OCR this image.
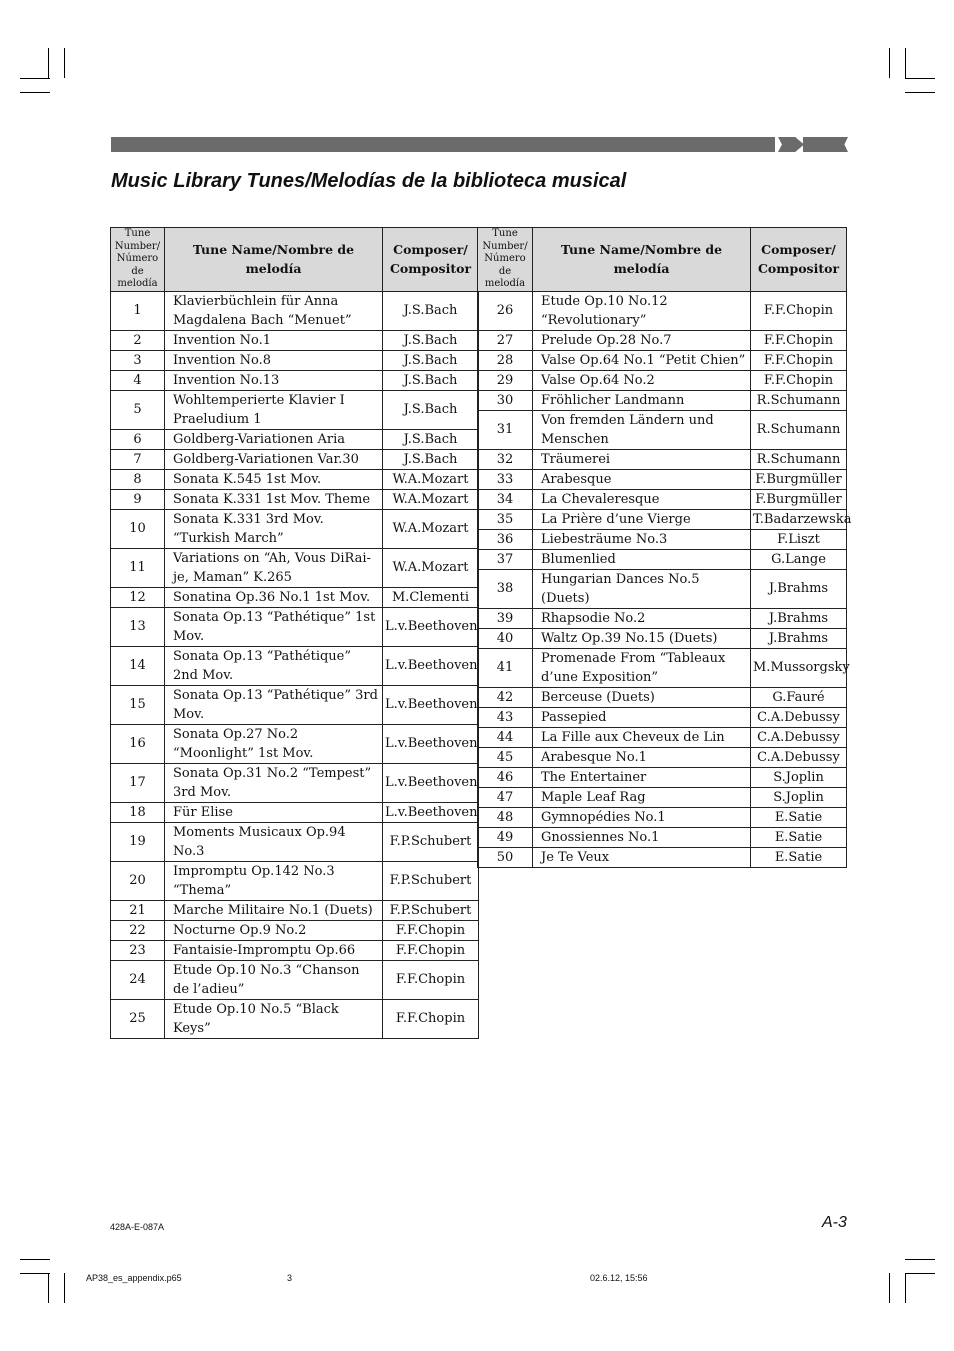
Music Library Tunes/Melodías de la biblioteca musical
Tune Number/ Número de melodía	Tune Name/Nombre de melodía	Composer/ Compositor
1	Klavierbüchlein für Anna Magdalena Bach “Menuet”	J.S.Bach
2	Invention No.1	J.S.Bach
3	Invention No.8	J.S.Bach
4	Invention No.13	J.S.Bach
5	Wohltemperierte Klavier I Praeludium 1	J.S.Bach
6	Goldberg-Variationen Aria	J.S.Bach
7	Goldberg-Variationen Var.30	J.S.Bach
8	Sonata K.545 1st Mov.	W.A.Mozart
9	Sonata K.331 1st Mov. Theme	W.A.Mozart
10	Sonata K.331 3rd Mov. “Turkish March”	W.A.Mozart
11	Variations on “Ah, Vous DiRai-je, Maman” K.265	W.A.Mozart
12	Sonatina Op.36 No.1 1st Mov.	M.Clementi
13	Sonata Op.13 “Pathétique” 1st Mov.	L.v.Beethoven
14	Sonata Op.13 “Pathétique” 2nd Mov.	L.v.Beethoven
15	Sonata Op.13 “Pathétique” 3rd Mov.	L.v.Beethoven
16	Sonata Op.27 No.2 “Moonlight” 1st Mov.	L.v.Beethoven
17	Sonata Op.31 No.2 “Tempest” 3rd Mov.	L.v.Beethoven
18	Für Elise	L.v.Beethoven
19	Moments Musicaux Op.94 No.3	F.P.Schubert
20	Impromptu Op.142 No.3 “Thema”	F.P.Schubert
21	Marche Militaire No.1 (Duets)	F.P.Schubert
22	Nocturne Op.9 No.2	F.F.Chopin
23	Fantaisie-Impromptu Op.66	F.F.Chopin
24	Etude Op.10 No.3 “Chanson de l’adieu”	F.F.Chopin
25	Etude Op.10 No.5 “Black Keys”	F.F.Chopin
Tune Number/ Número de melodía	Tune Name/Nombre de melodía	Composer/ Compositor
26	Etude Op.10 No.12 “Revolutionary”	F.F.Chopin
27	Prelude Op.28 No.7	F.F.Chopin
28	Valse Op.64 No.1 “Petit Chien”	F.F.Chopin
29	Valse Op.64 No.2	F.F.Chopin
30	Fröhlicher Landmann	R.Schumann
31	Von fremden Ländern und Menschen	R.Schumann
32	Träumerei	R.Schumann
33	Arabesque	F.Burgmüller
34	La Chevaleresque	F.Burgmüller
35	La Prière d’une Vierge	T.Badarzewska
36	Liebesträume No.3	F.Liszt
37	Blumenlied	G.Lange
38	Hungarian Dances No.5 (Duets)	J.Brahms
39	Rhapsodie No.2	J.Brahms
40	Waltz Op.39 No.15 (Duets)	J.Brahms
41	Promenade From “Tableaux d’une Exposition”	M.Mussorgsky
42	Berceuse (Duets)	G.Fauré
43	Passepied	C.A.Debussy
44	La Fille aux Cheveux de Lin	C.A.Debussy
45	Arabesque No.1	C.A.Debussy
46	The Entertainer	S.Joplin
47	Maple Leaf Rag	S.Joplin
48	Gymnopédies No.1	E.Satie
49	Gnossiennes No.1	E.Satie
50	Je Te Veux	E.Satie
428A-E-087A	A-3
AP38_es_appendix.p65	3	02.6.12, 15:56
